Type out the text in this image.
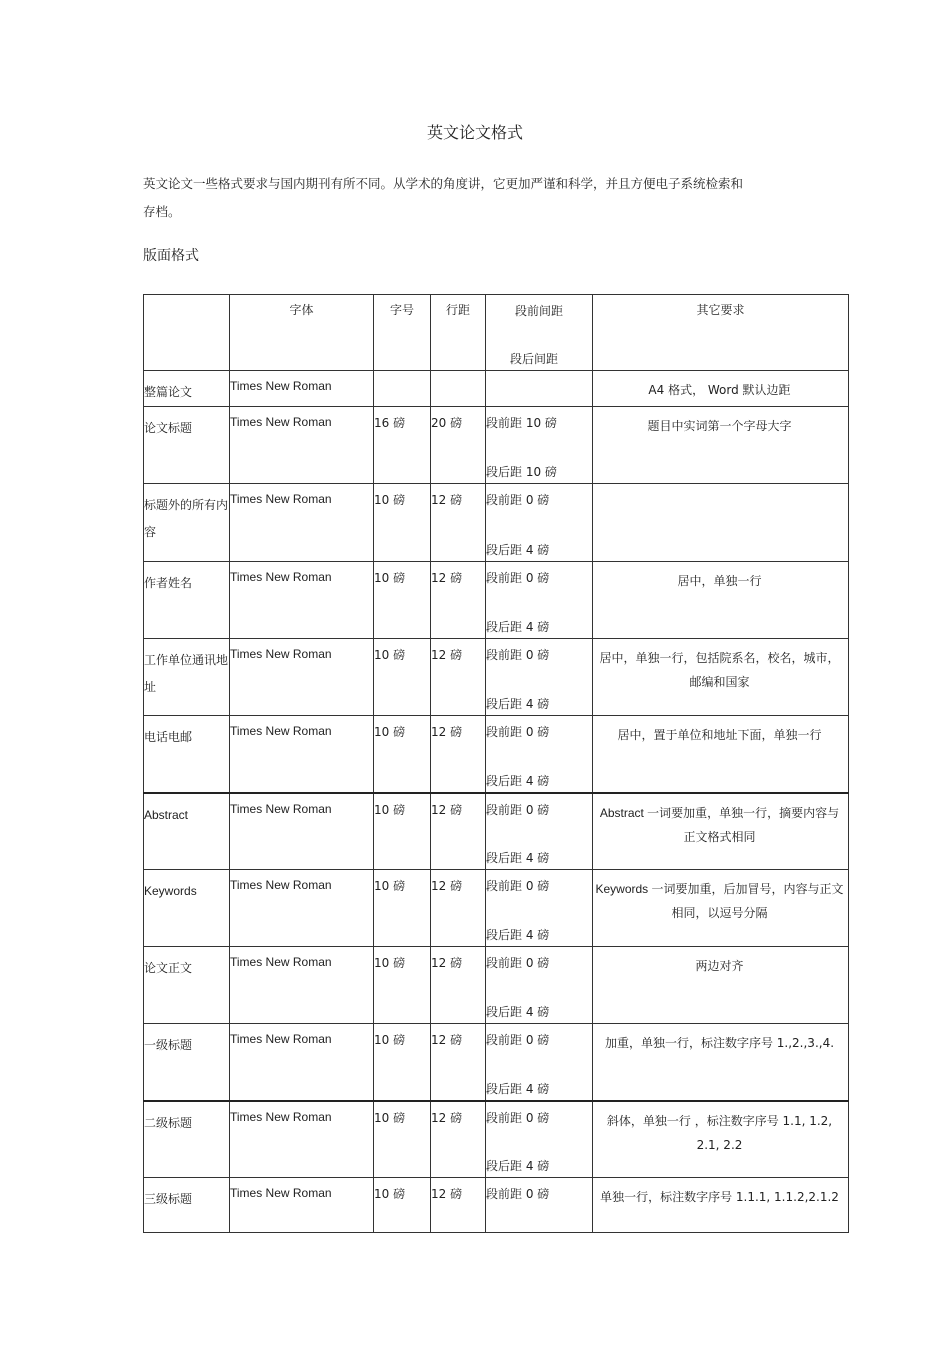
英文论文格式
英文论文一些格式要求与国内期刊有所不同。从学术的角度讲，它更加严谨和科学，并且方便电子系统检索和存档。
版面格式
	字体	字号	行距	段前间距
段后间距	其它要求
整篇论文	Times New Roman				A4 格式， Word 默认边距
论文标题	Times New Roman	16 磅	20 磅	段前距 10 磅
段后距 10 磅	题目中实词第一个字母大字
标题外的所有内容	Times New Roman	10 磅	12 磅	段前距 0 磅
段后距 4 磅	

作者姓名	Times New Roman	10 磅	12 磅	段前距 0 磅
段后距 4 磅	居中，单独一行
工作单位通讯地址	Times New Roman	10 磅	12 磅	段前距 0 磅
段后距 4 磅	居中，单独一行，包括院系名，校名，城市，邮编和国家
电话电邮	Times New Roman	10 磅	12 磅	段前距 0 磅
段后距 4 磅	居中，置于单位和地址下面，单独一行
Abstract	Times New Roman	10 磅	12 磅	段前距 0 磅
段后距 4 磅	Abstract 一词要加重，单独一行，摘要内容与正文格式相同
Keywords	Times New Roman	10 磅	12 磅	段前距 0 磅
段后距 4 磅	Keywords 一词要加重，后加冒号，内容与正文相同，以逗号分隔
论文正文	Times New Roman	10 磅	12 磅	段前距 0 磅
段后距 4 磅	两边对齐
一级标题	Times New Roman	10 磅	12 磅	段前距 0 磅
段后距 4 磅	加重，单独一行，标注数字序号 1.,2.,3.,4.
二级标题	Times New Roman	10 磅	12 磅	段前距 0 磅
段后距 4 磅	斜体，单独一行 ，标注数字序号 1.1, 1.2, 2.1, 2.2
三级标题	Times New Roman	10 磅	12 磅	段前距 0 磅	单独一行，标注数字序号 1.1.1, 1.1.2,2.1.2
